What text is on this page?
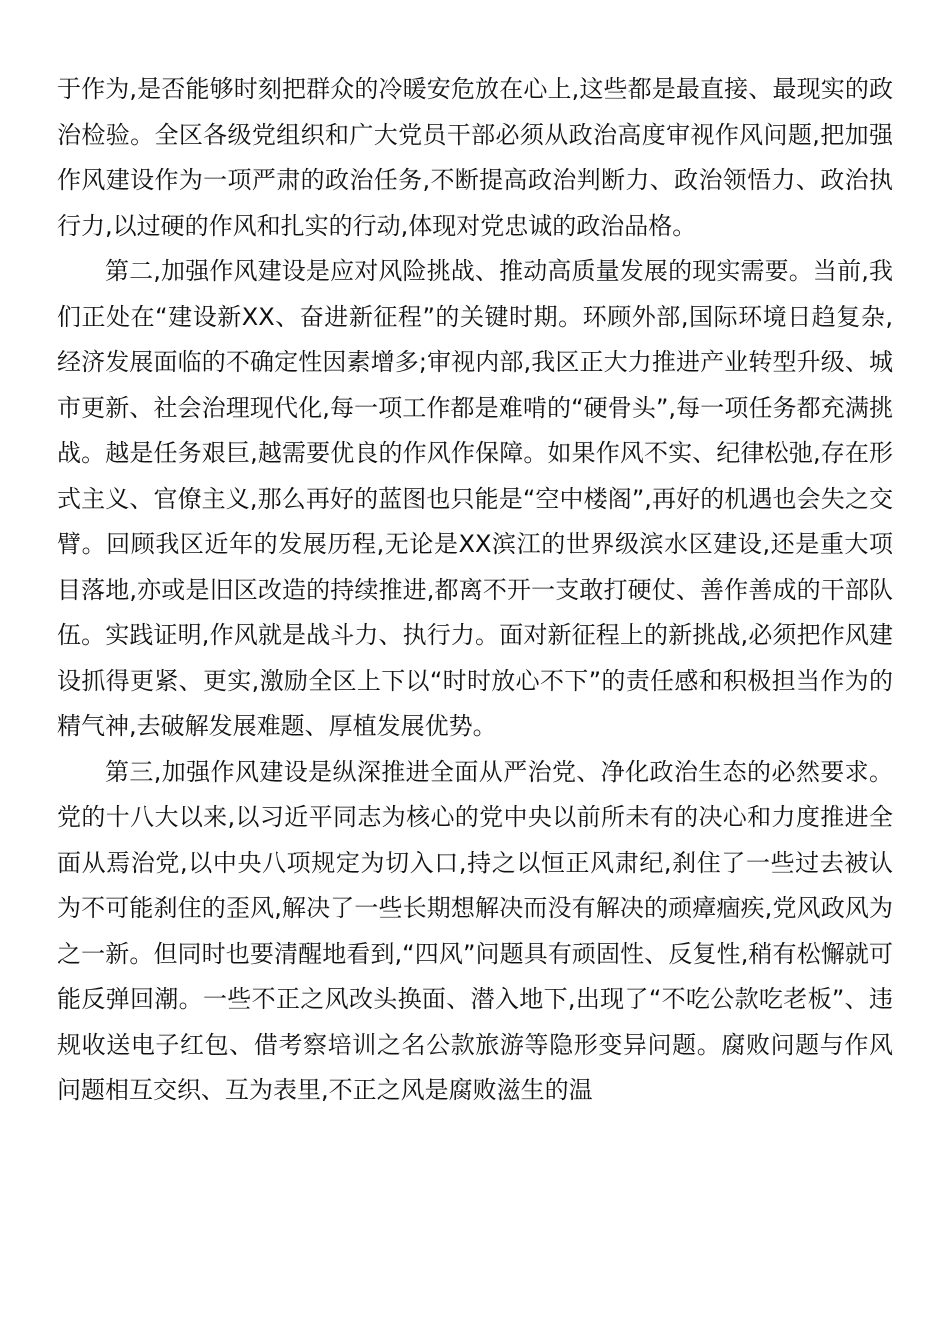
于作为,是否能够时刻把群众的冷暖安危放在心上,这些都是最直接、最现实的政治检验。全区各级党组织和广大党员干部必须从政治高度审视作风问题,把加强作风建设作为一项严肃的政治任务,不断提高政治判断力、政治领悟力、政治执行力,以过硬的作风和扎实的行动,体现对党忠诚的政治品格。

第二,加强作风建设是应对风险挑战、推动高质量发展的现实需要。当前,我们正处在“建设新XX、奋进新征程”的关键时期。环顾外部,国际环境日趋复杂,经济发展面临的不确定性因素增多;审视内部,我区正大力推进产业转型升级、城市更新、社会治理现代化,每一项工作都是难啃的“硬骨头”,每一项任务都充满挑战。越是任务艰巨,越需要优良的作风作保障。如果作风不实、纪律松弛,存在形式主义、官僚主义,那么再好的蓝图也只能是“空中楼阁”,再好的机遇也会失之交臂。回顾我区近年的发展历程,无论是XX滨江的世界级滨水区建设,还是重大项目落地,亦或是旧区改造的持续推进,都离不开一支敢打硬仗、善作善成的干部队伍。实践证明,作风就是战斗力、执行力。面对新征程上的新挑战,必须把作风建设抓得更紧、更实,激励全区上下以“时时放心不下”的责任感和积极担当作为的精气神,去破解发展难题、厚植发展优势。

第三,加强作风建设是纵深推进全面从严治党、净化政治生态的必然要求。党的十八大以来,以习近平同志为核心的党中央以前所未有的决心和力度推进全面从焉治党,以中央八项规定为切入口,持之以恒正风肃纪,刹住了一些过去被认为不可能刹住的歪风,解决了一些长期想解决而没有解决的顽瘴痼疾,党风政风为之一新。但同时也要清醒地看到,“四风”问题具有顽固性、反复性,稍有松懈就可能反弹回潮。一些不正之风改头换面、潜入地下,出现了“不吃公款吃老板”、违规收送电子红包、借考察培训之名公款旅游等隐形变异问题。腐败问题与作风问题相互交织、互为表里,不正之风是腐败滋生的温
